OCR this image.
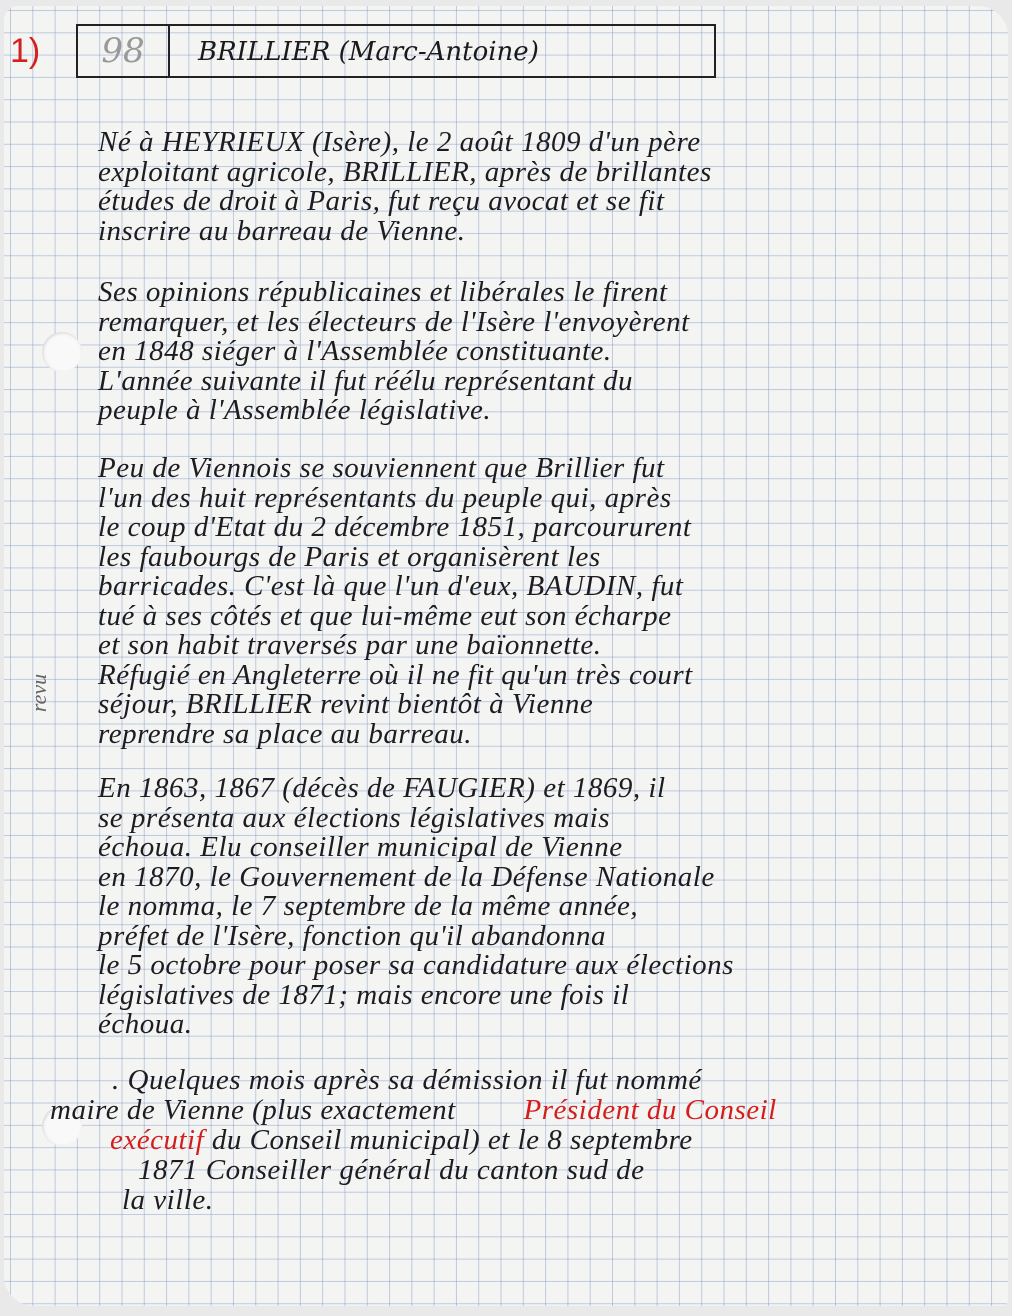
1)	98	BRILLIER (Marc-Antoine)
revu
Né à HEYRIEUX (Isère), le 2 août 1809 d'un père
exploitant agricole, BRILLIER, après de brillantes
études de droit à Paris, fut reçu avocat et se fit
inscrire au barreau de Vienne.
Ses opinions républicaines et libérales le firent
remarquer, et les électeurs de l'Isère l'envoyèrent
en 1848 siéger à l'Assemblée constituante.
L'année suivante il fut réélu représentant du
peuple à l'Assemblée législative.
Peu de Viennois se souviennent que Brillier fut
l'un des huit représentants du peuple qui, après
le coup d'Etat du 2 décembre 1851, parcoururent
les faubourgs de Paris et organisèrent les
barricades. C'est là que l'un d'eux, BAUDIN, fut
tué à ses côtés et que lui-même eut son écharpe
et son habit traversés par une baïonnette.
Réfugié en Angleterre où il ne fit qu'un très court
séjour, BRILLIER revint bientôt à Vienne
reprendre sa place au barreau.
En 1863, 1867 (décès de FAUGIER) et 1869, il
se présenta aux élections législatives mais
échoua. Elu conseiller municipal de Vienne
en 1870, le Gouvernement de la Défense Nationale
le nomma, le 7 septembre de la même année,
préfet de l'Isère, fonction qu'il abandonna
le 5 octobre pour poser sa candidature aux élections
législatives de 1871; mais encore une fois il
échoua.
. Quelques mois après sa démission il fut nommé
maire de Vienne (plus exactement Président du Conseil
exécutif du Conseil municipal) et le 8 septembre
1871 Conseiller général du canton sud de
la ville.
